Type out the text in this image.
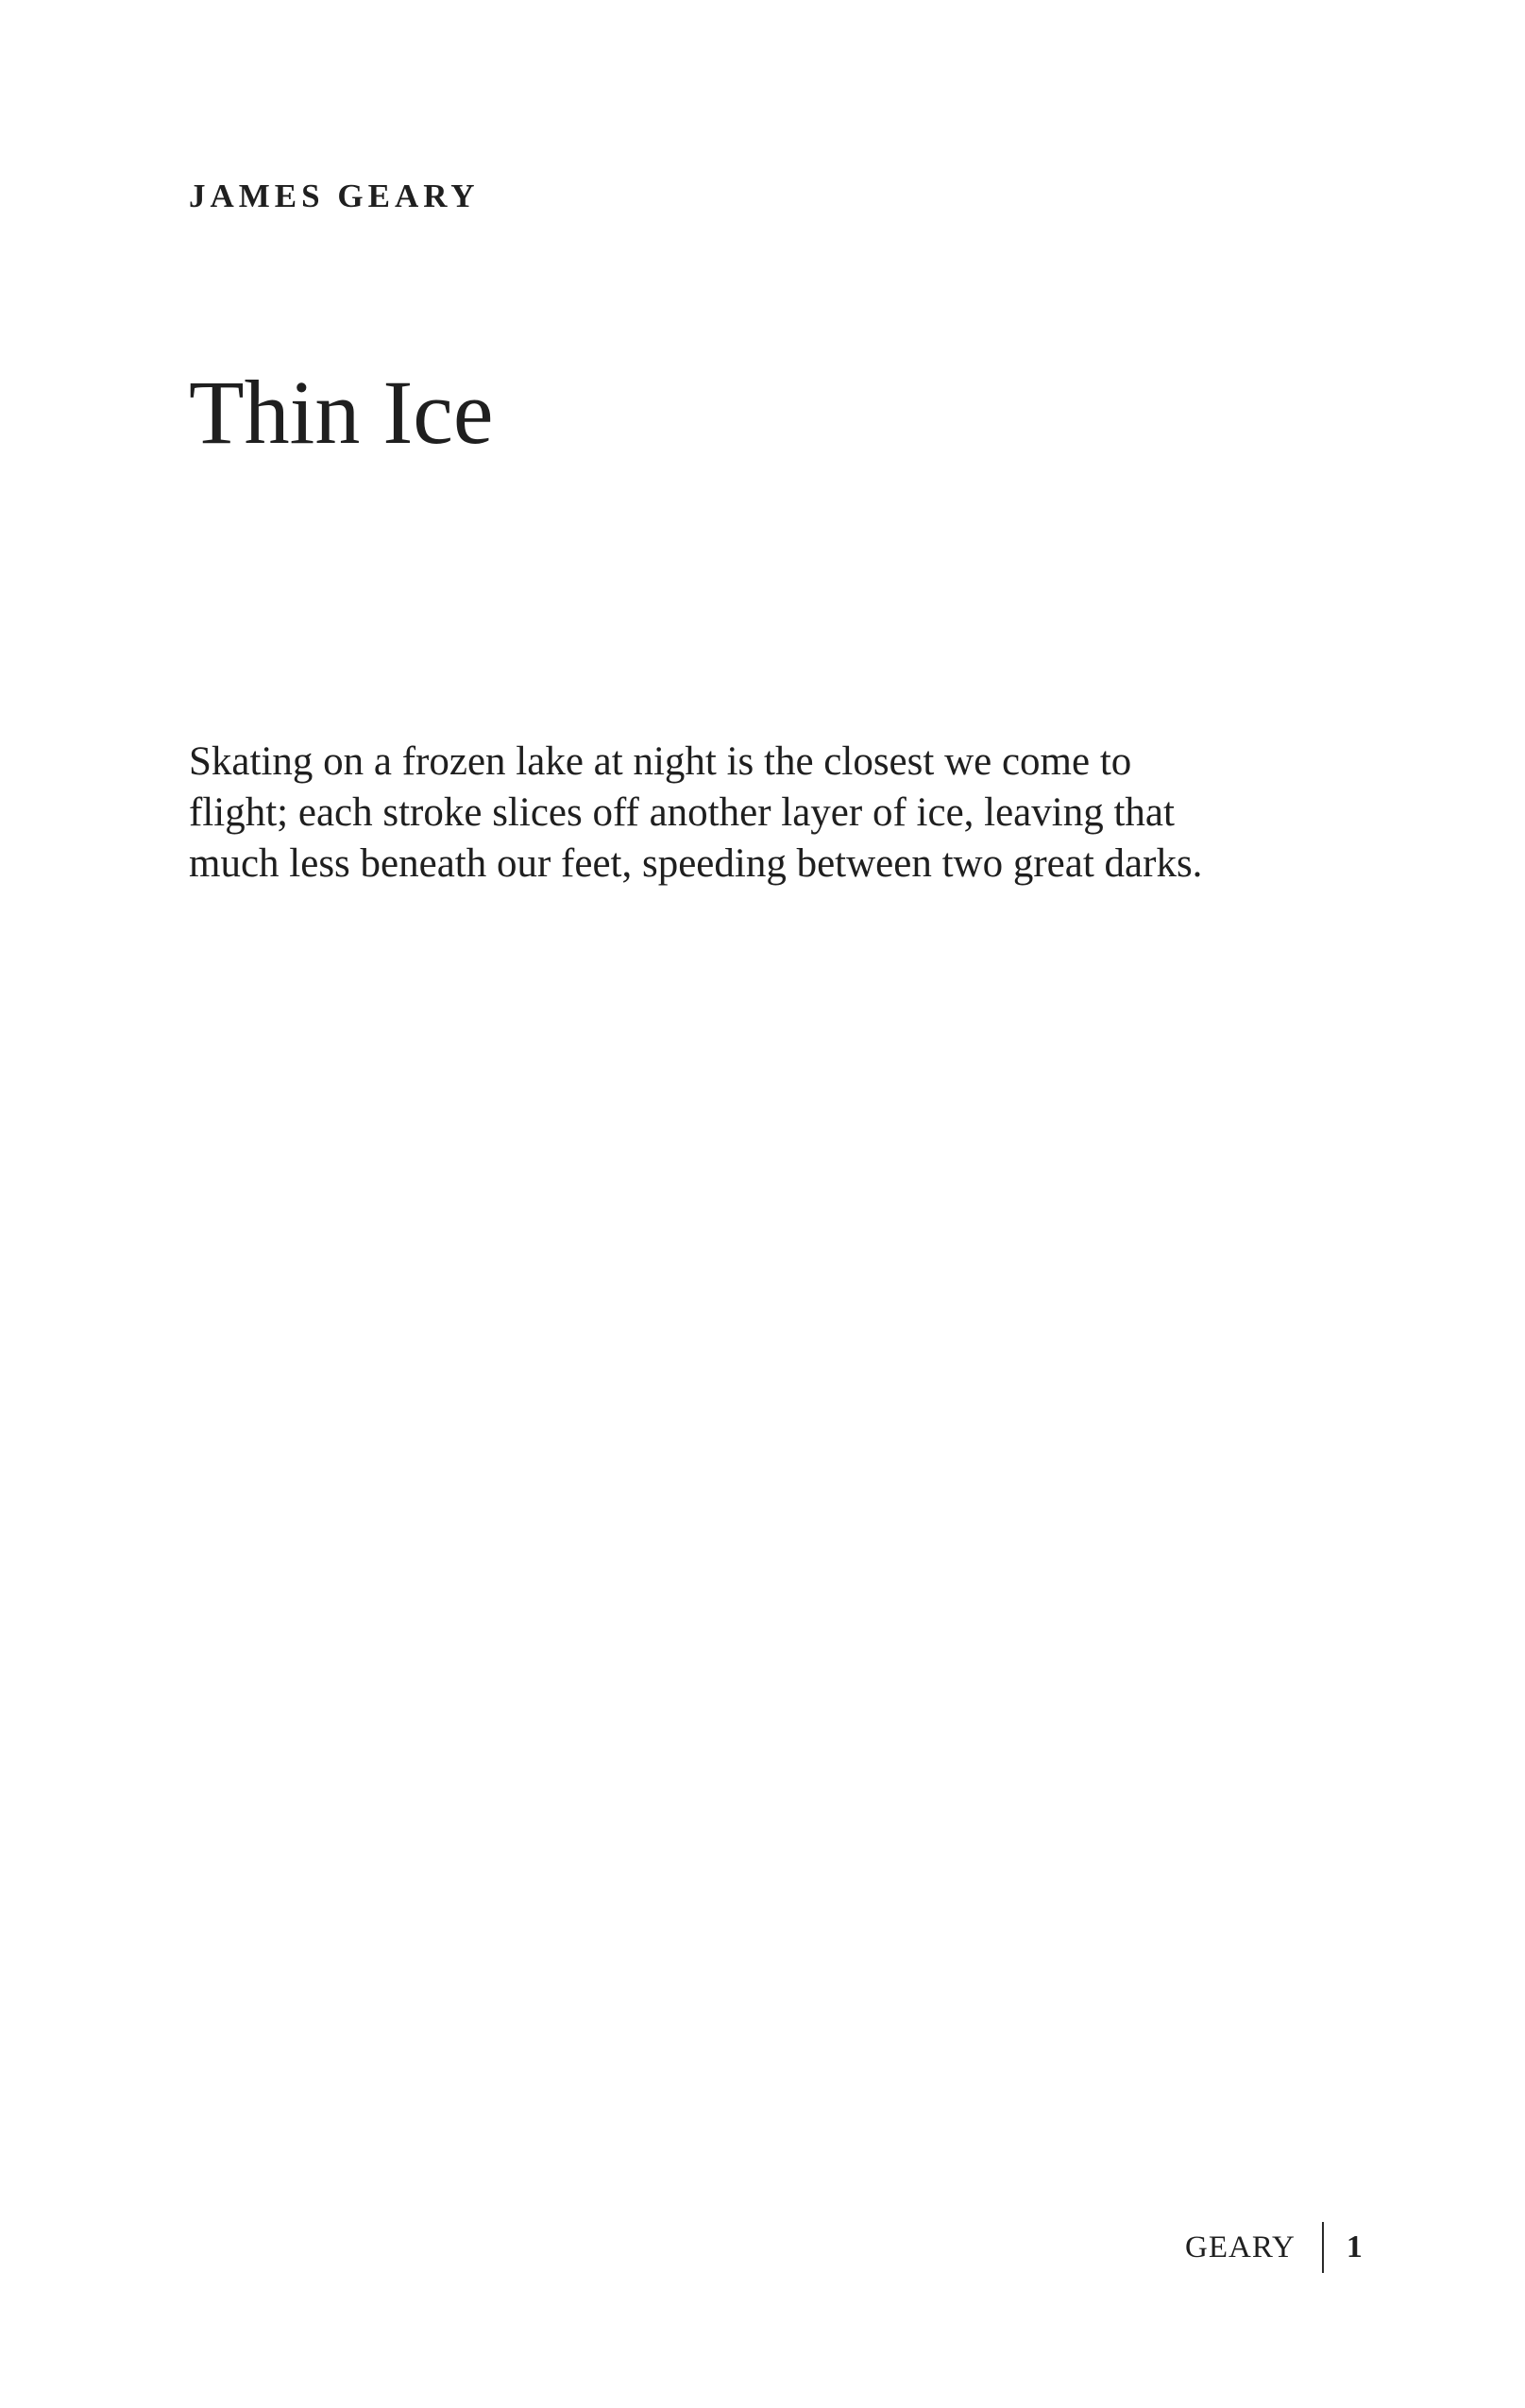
JAMES GEARY
Thin Ice

Skating on a frozen lake at night is the closest we come to
flight; each stroke slices off another layer of ice, leaving that
much less beneath our feet, speeding between two great darks.

GEARY	1
